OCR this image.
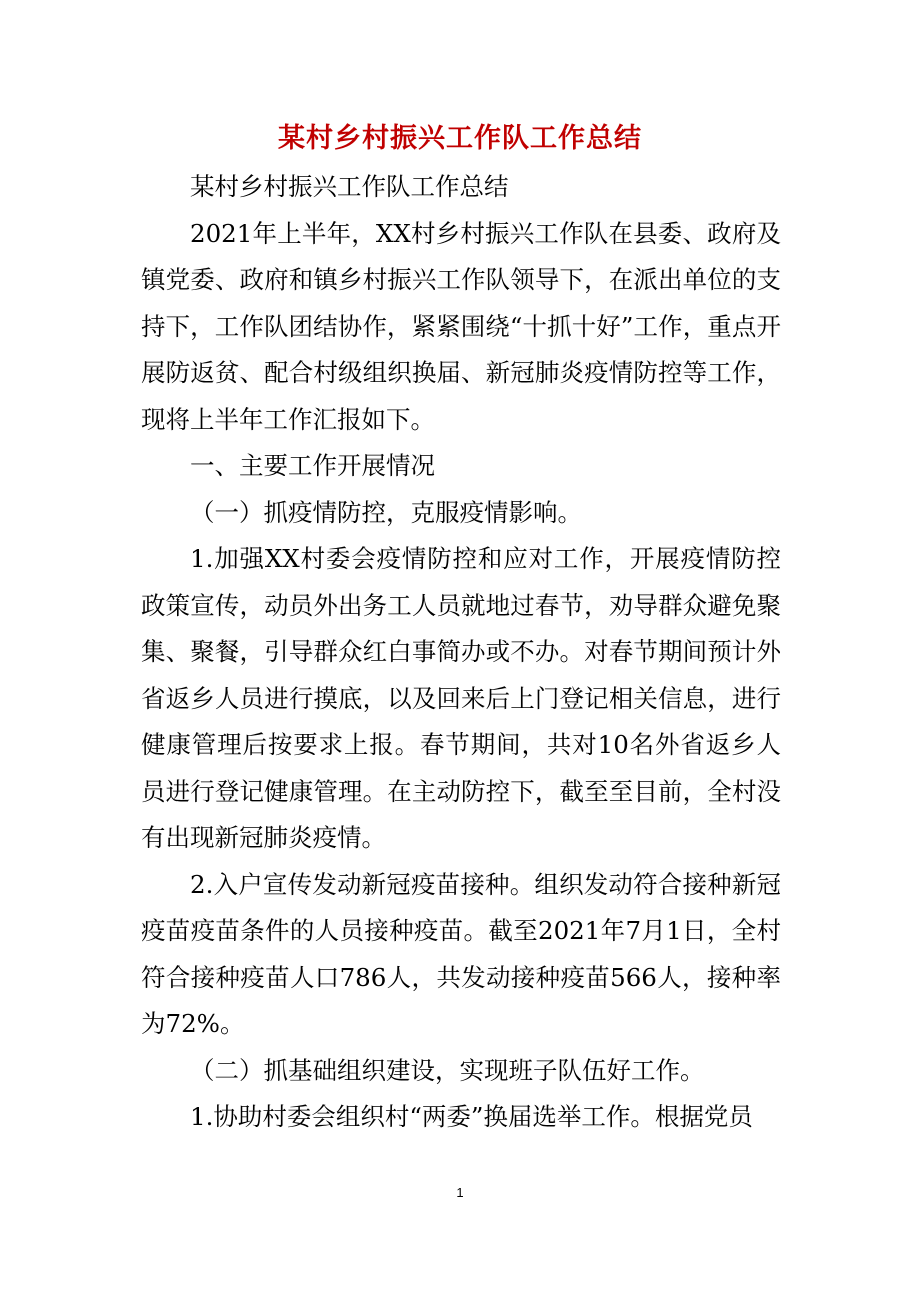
某村乡村振兴工作队工作总结

某村乡村振兴工作队工作总结

2021年上半年，XX村乡村振兴工作队在县委、政府及镇党委、政府和镇乡村振兴工作队领导下，在派出单位的支持下，工作队团结协作，紧紧围绕“十抓十好”工作，重点开展防返贫、配合村级组织换届、新冠肺炎疫情防控等工作，现将上半年工作汇报如下。

一、主要工作开展情况

（一）抓疫情防控，克服疫情影响。

1.加强XX村委会疫情防控和应对工作，开展疫情防控政策宣传，动员外出务工人员就地过春节，劝导群众避免聚集、聚餐，引导群众红白事简办或不办。对春节期间预计外省返乡人员进行摸底，以及回来后上门登记相关信息，进行健康管理后按要求上报。春节期间，共对10名外省返乡人员进行登记健康管理。在主动防控下，截至至目前，全村没有出现新冠肺炎疫情。

2.入户宣传发动新冠疫苗接种。组织发动符合接种新冠疫苗疫苗条件的人员接种疫苗。截至2021年7月1日，全村符合接种疫苗人口786人，共发动接种疫苗566人，接种率为72%。

（二）抓基础组织建设，实现班子队伍好工作。

1.协助村委会组织村“两委”换届选举工作。根据党员

1
